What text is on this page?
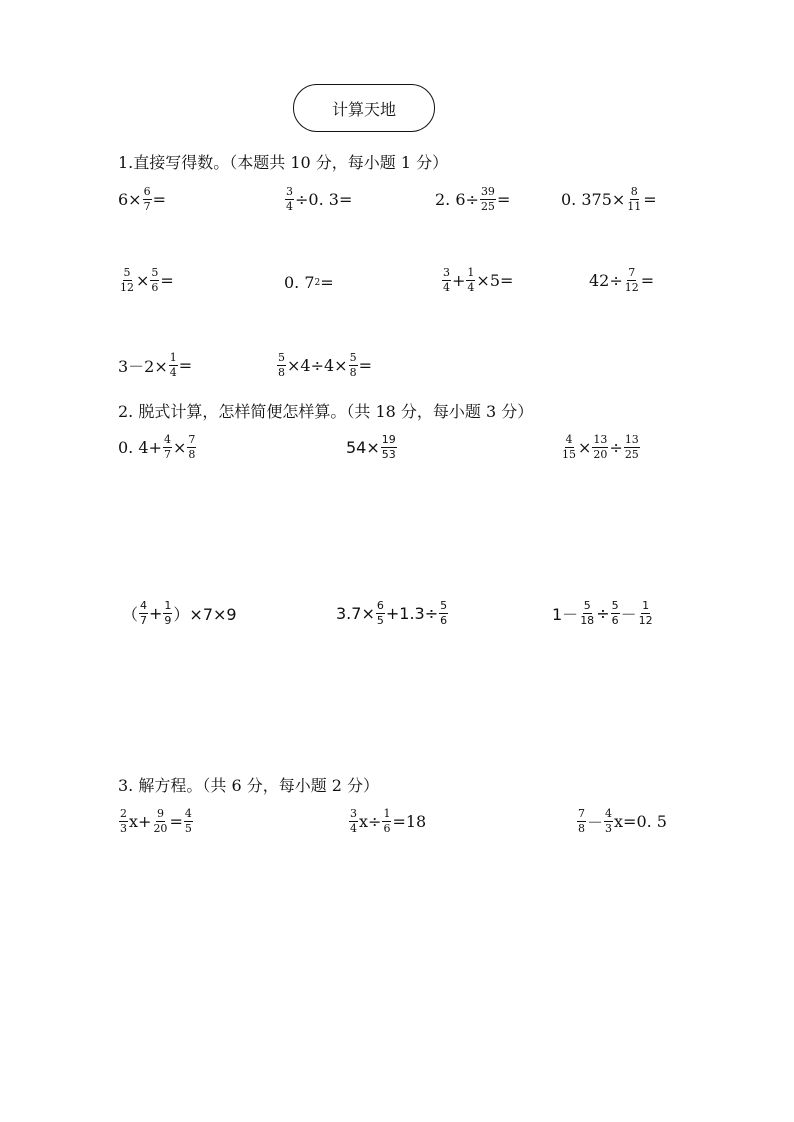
计算天地
1.直接写得数。（本题共 10 分，每小题 1 分）
$6\times \frac{6}{7}$ =	$\frac{3}{4} \div 0$. 3=	2. $6\div \frac{39}{25}$ =	0. $375\times \frac{8}{11}$ =
$\frac{5}{12} \times \frac{5}{6}$ =	0. 7 2 =	$\frac{3}{4} + \frac{1}{4} \times 5=$	$42\div \frac{7}{12}$ =
$3-2\times \frac{1}{4}$ =	$\frac{5}{8} \times 4\div 4\times \frac{5}{8}$ =
2. 脱式计算，怎样简便怎样算。（共 18 分，每小题 3 分）
0. $4+ \frac{4}{7} \times \frac{7}{8}$	$54\times \frac{19}{53}$	$\frac{4}{15} \times \frac{13}{20} \div \frac{13}{25}$
（ $\frac{4}{7} + \frac{1}{9} )\times 7\times 9$	$3.7\times \frac{6}{5} +1.3\div \frac{5}{6}$	$1- \frac{5}{18} \div \frac{5}{6} - \frac{1}{12}$
3. 解方程。（共 6 分，每小题 2 分）
$\frac{2}{3} x+ \frac{9}{20} = \frac{4}{5}$	$\frac{3}{4} x\div \frac{1}{6} =18$	$\frac{7}{8} - \frac{4}{3} x=0$. 5
